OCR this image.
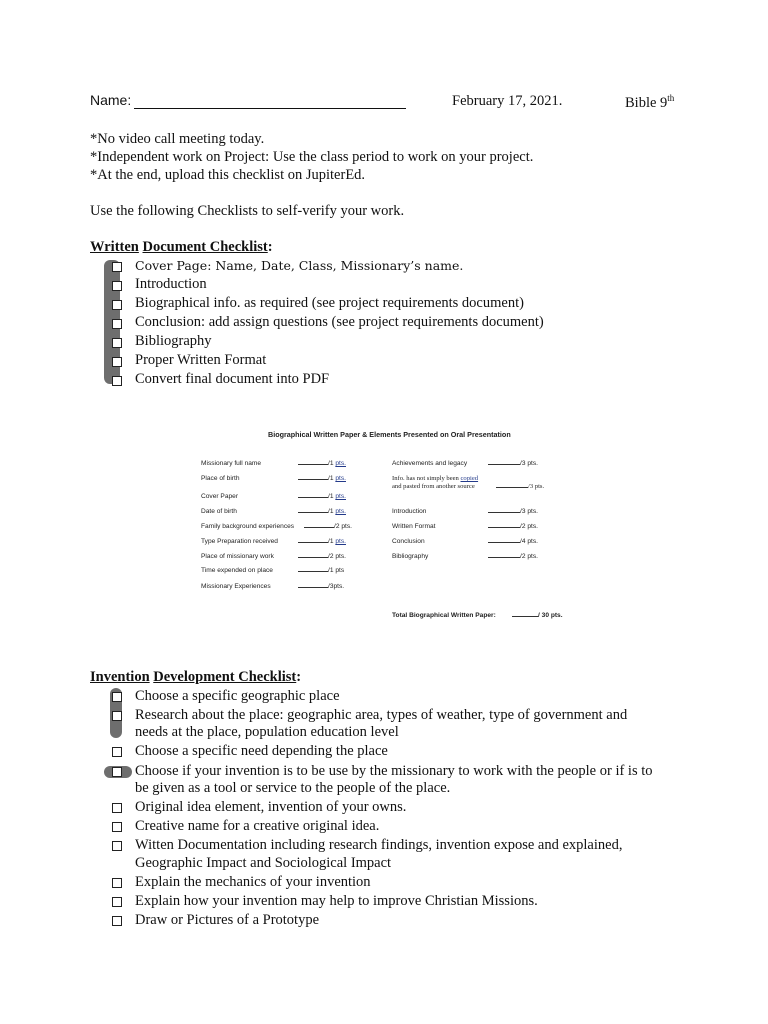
Name:	February 17, 2021.	Bible 9th
*No video call meeting today.
*Independent work on Project: Use the class period to work on your project.
*At the end, upload this checklist on JupiterEd.
Use the following Checklists to self-verify your work.
Written Document Checklist:
Cover Page: Name, Date, Class, Missionary’s name.
Introduction
Biographical info. as required (see project requirements document)
Conclusion: add assign questions (see project requirements document)
Bibliography
Proper Written Format
Convert final document into PDF
Biographical Written Paper & Elements Presented on Oral Presentation
Missionary full name	/1 pts.
Place of birth	/1 pts.
Cover Paper	/1 pts.
Date of birth	/1 pts.
Family background experiences	/2 pts.
Type Preparation received	/1 pts.
Place of missionary work	/2 pts.
Time expended on place	/1 pts
Missionary Experiences	/3pts.
Achievements and legacy	/3 pts.
Info. has not simply been copied
and pasted from another source	/3 pts.
Introduction	/3 pts.
Written Format	/2 pts.
Conclusion	/4 pts.
Bibliography	/2 pts.
Total Biographical Written Paper:	/ 30 pts.
Invention Development Checklist:
Choose a specific geographic place
Research about the place: geographic area, types of weather, type of government and
needs at the place, population education level
Choose a specific need depending the place
Choose if your invention is to be use by the missionary to work with the people or if is to
be given as a tool or service to the people of the place.
Original idea element, invention of your owns.
Creative name for a creative original idea.
Witten Documentation including research findings, invention expose and explained,
Geographic Impact and Sociological Impact
Explain the mechanics of your invention
Explain how your invention may help to improve Christian Missions.
Draw or Pictures of a Prototype
